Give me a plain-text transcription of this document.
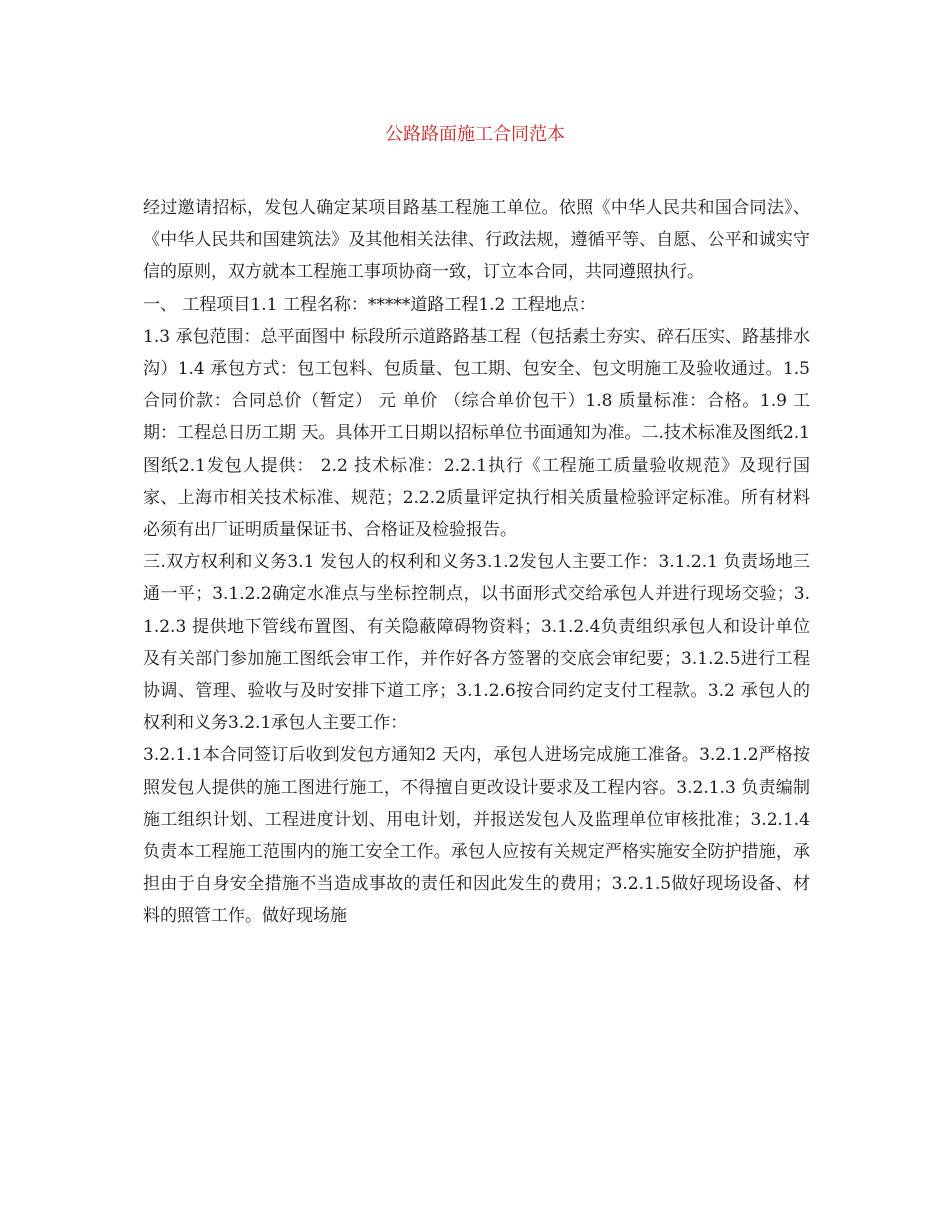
公路路面施工合同范本

经过邀请招标，发包人确定某项目路基工程施工单位。依照《中华人民共和国合同法》、《中华人民共和国建筑法》及其他相关法律、行政法规，遵循平等、自愿、公平和诚实守信的原则，双方就本工程施工事项协商一致，订立本合同，共同遵照执行。

一、 工程项目1.1 工程名称：*****道路工程1.2 工程地点：

1.3 承包范围：总平面图中 标段所示道路路基工程（包括素土夯实、碎石压实、路基排水沟）1.4 承包方式：包工包料、包质量、包工期、包安全、包文明施工及验收通过。1.5 合同价款：合同总价（暂定） 元 单价 （综合单价包干）1.8 质量标准：合格。1.9 工 期：工程总日历工期 天。具体开工日期以招标单位书面通知为准。二.技术标准及图纸2.1 图纸2.1发包人提供： 2.2 技术标准：2.2.1执行《工程施工质量验收规范》及现行国家、上海市相关技术标准、规范；2.2.2质量评定执行相关质量检验评定标准。所有材料必须有出厂证明质量保证书、合格证及检验报告。

三.双方权利和义务3.1 发包人的权利和义务3.1.2发包人主要工作：3.1.2.1 负责场地三通一平；3.1.2.2确定水准点与坐标控制点，以书面形式交给承包人并进行现场交验；3.1.2.3 提供地下管线布置图、有关隐蔽障碍物资料；3.1.2.4负责组织承包人和设计单位及有关部门参加施工图纸会审工作，并作好各方签署的交底会审纪要；3.1.2.5进行工程协调、管理、验收与及时安排下道工序；3.1.2.6按合同约定支付工程款。3.2 承包人的权利和义务3.2.1承包人主要工作：

3.2.1.1本合同签订后收到发包方通知2 天内，承包人进场完成施工准备。3.2.1.2严格按照发包人提供的施工图进行施工，不得擅自更改设计要求及工程内容。3.2.1.3 负责编制施工组织计划、工程进度计划、用电计划，并报送发包人及监理单位审核批准；3.2.1.4 负责本工程施工范围内的施工安全工作。承包人应按有关规定严格实施安全防护措施，承担由于自身安全措施不当造成事故的责任和因此发生的费用；3.2.1.5做好现场设备、材料的照管工作。做好现场施
